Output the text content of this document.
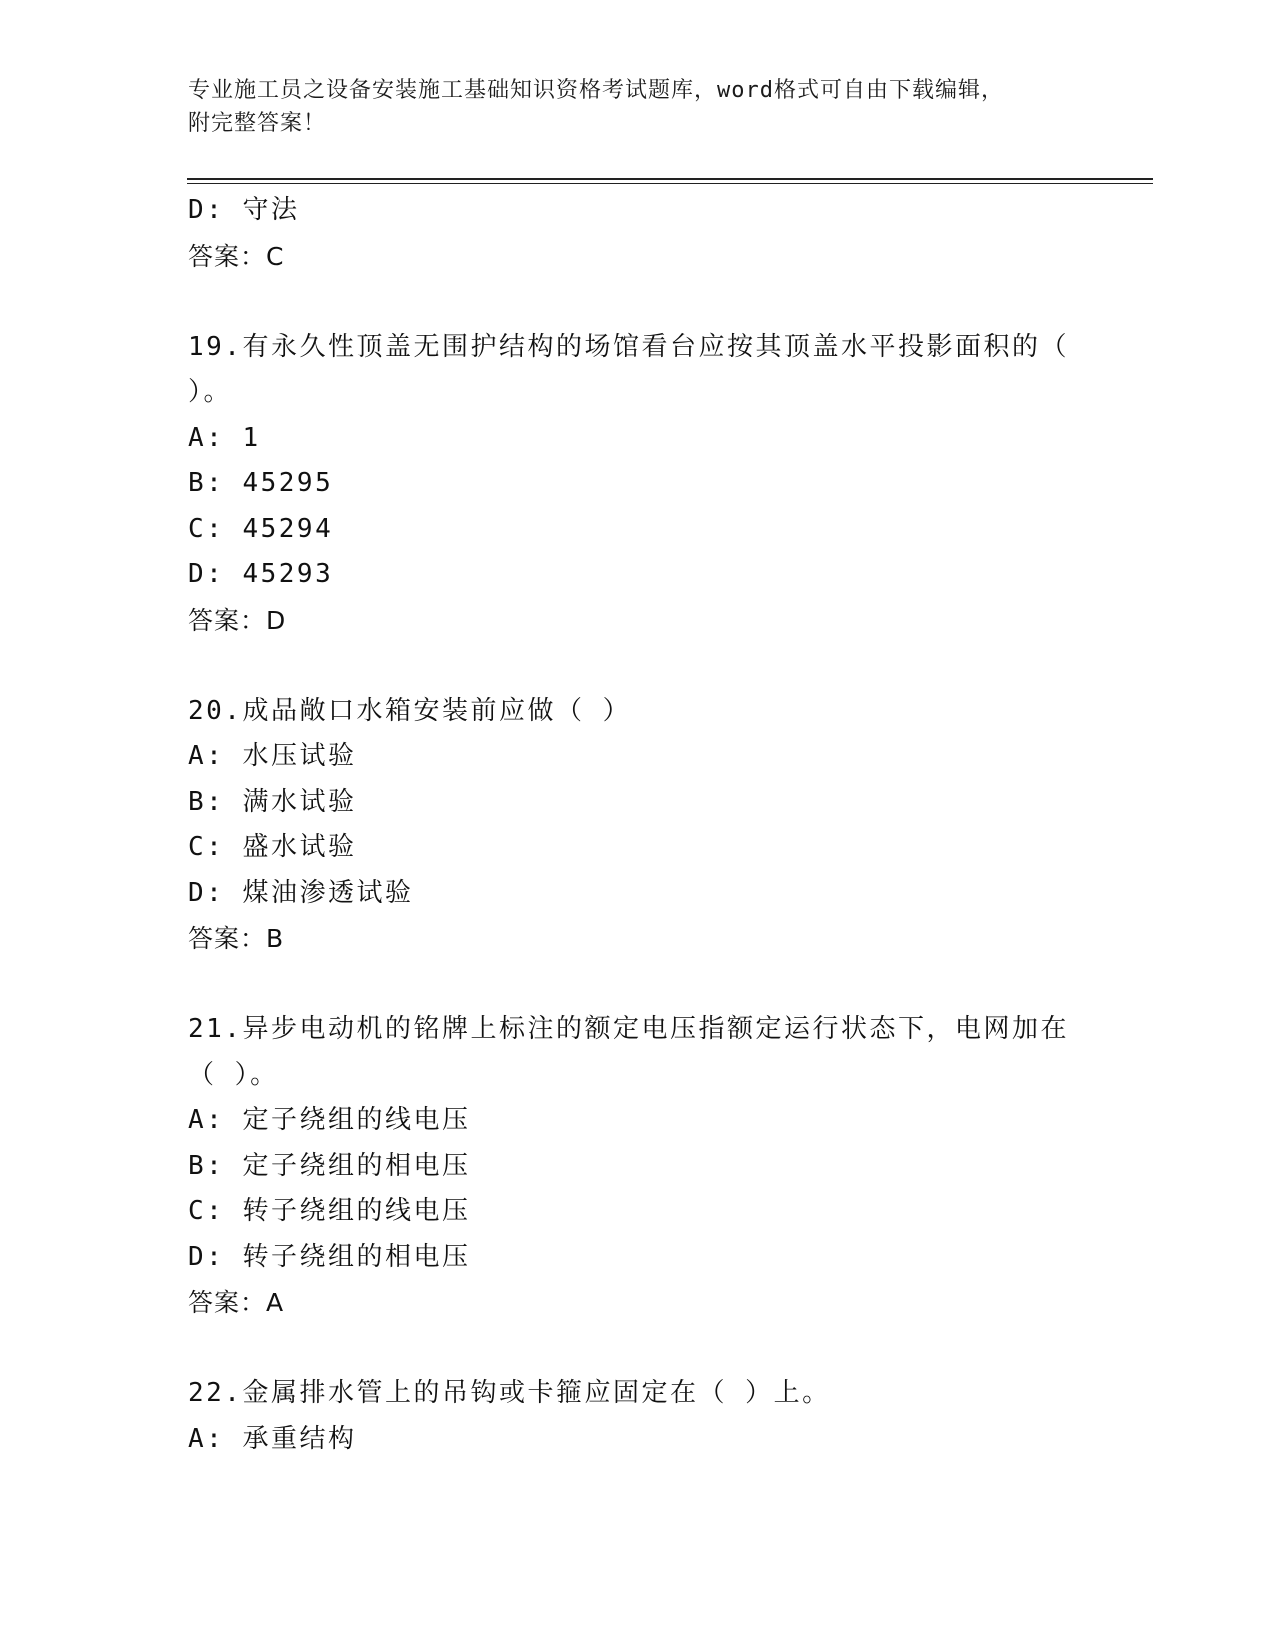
专业施工员之设备安装施工基础知识资格考试题库，word格式可自由下载编辑，
附完整答案！
D: 守法
答案：C
19.有永久性顶盖无围护结构的场馆看台应按其顶盖水平投影面积的（
）。
A: 1
B: 45295
C: 45294
D: 45293
答案：D
20.成品敞口水箱安装前应做（ ）
A: 水压试验
B: 满水试验
C: 盛水试验
D: 煤油渗透试验
答案：B
21.异步电动机的铭牌上标注的额定电压指额定运行状态下，电网加在
（ ）。
A: 定子绕组的线电压
B: 定子绕组的相电压
C: 转子绕组的线电压
D: 转子绕组的相电压
答案：A
22.金属排水管上的吊钩或卡箍应固定在（ ）上。
A: 承重结构
